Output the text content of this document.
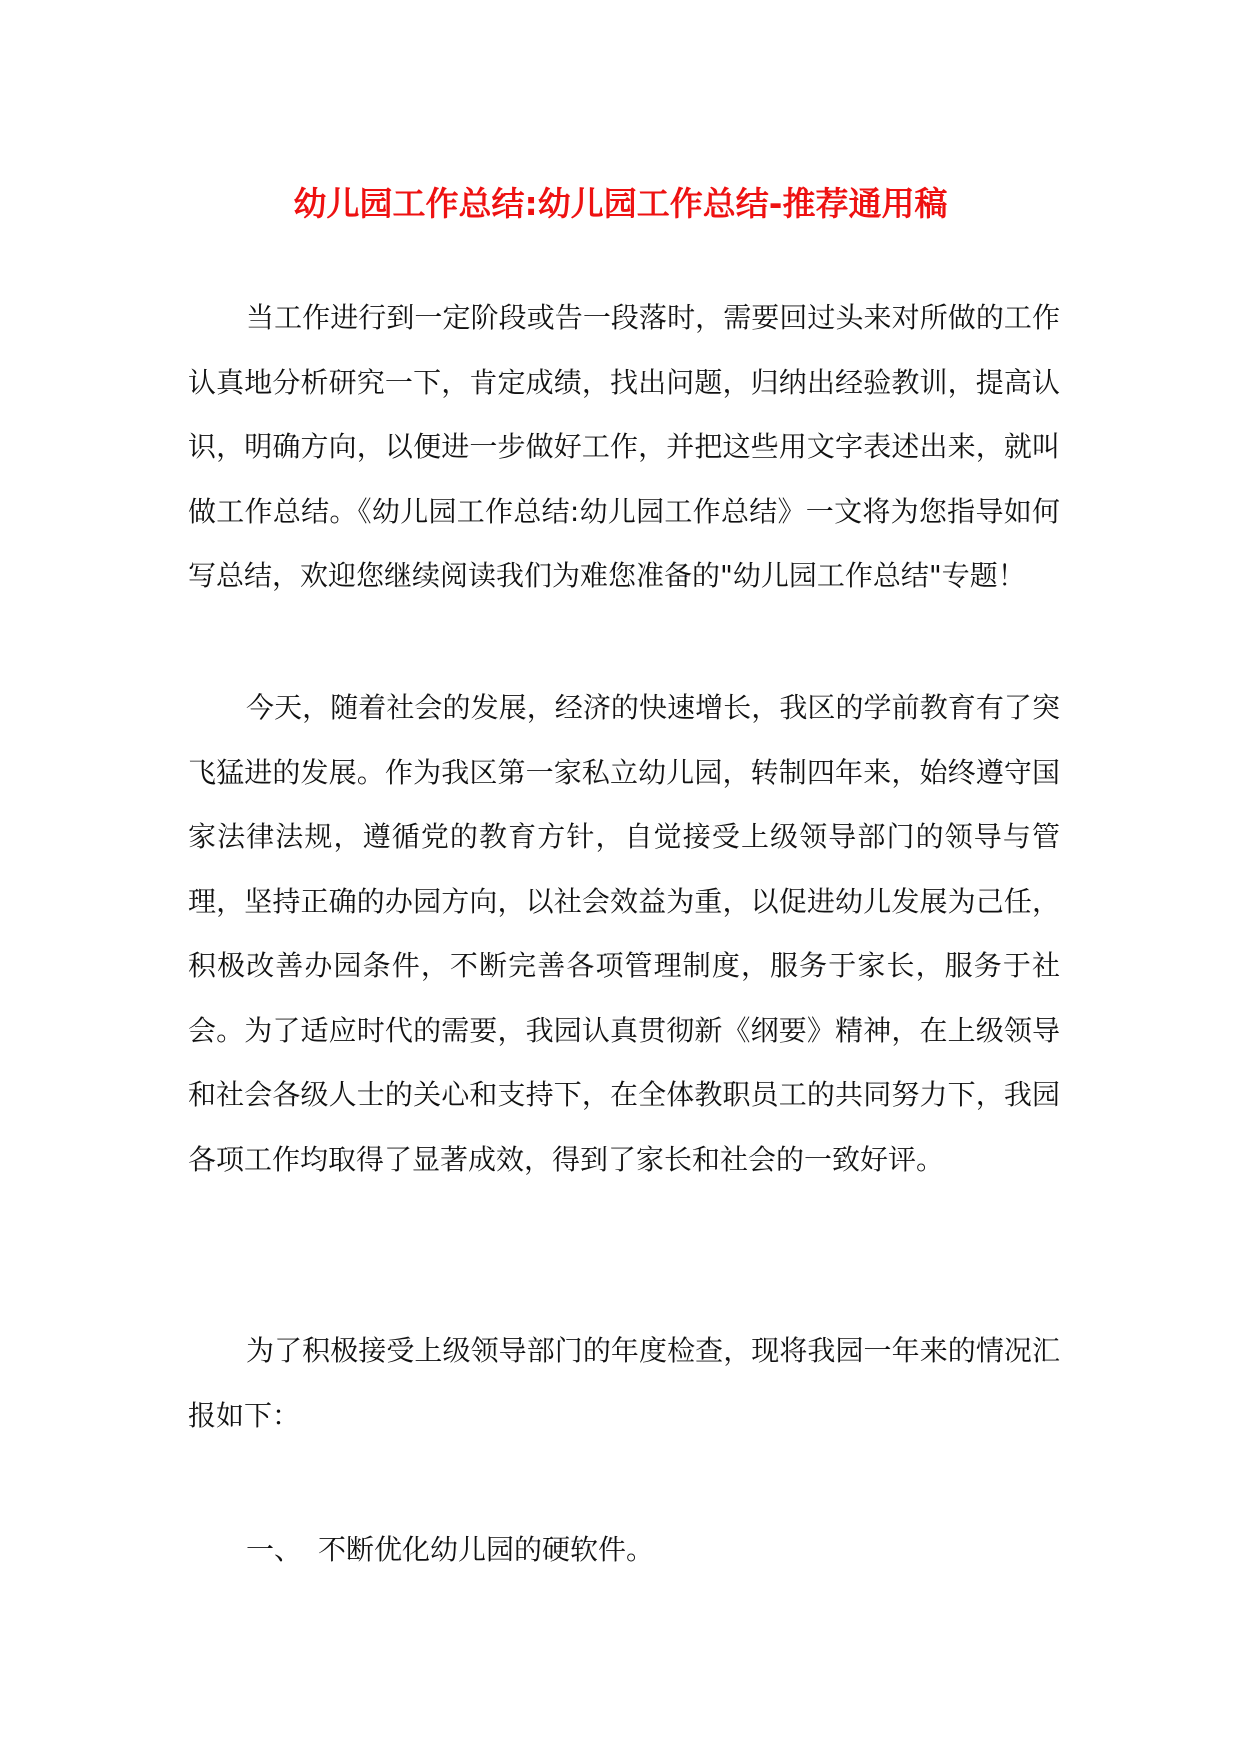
幼儿园工作总结:幼儿园工作总结-推荐通用稿

当工作进行到一定阶段或告一段落时，需要回过头来对所做的工作认真地分析研究一下，肯定成绩，找出问题，归纳出经验教训，提高认识，明确方向，以便进一步做好工作，并把这些用文字表述出来，就叫做工作总结。《幼儿园工作总结:幼儿园工作总结》一文将为您指导如何写总结，欢迎您继续阅读我们为难您准备的"幼儿园工作总结"专题！

今天，随着社会的发展，经济的快速增长，我区的学前教育有了突飞猛进的发展。作为我区第一家私立幼儿园，转制四年来，始终遵守国家法律法规，遵循党的教育方针，自觉接受上级领导部门的领导与管理，坚持正确的办园方向，以社会效益为重，以促进幼儿发展为己任，积极改善办园条件，不断完善各项管理制度，服务于家长，服务于社会。为了适应时代的需要，我园认真贯彻新《纲要》精神，在上级领导和社会各级人士的关心和支持下，在全体教职员工的共同努力下，我园各项工作均取得了显著成效，得到了家长和社会的一致好评。

为了积极接受上级领导部门的年度检查，现将我园一年来的情况汇报如下：

一、 不断优化幼儿园的硬软件。
